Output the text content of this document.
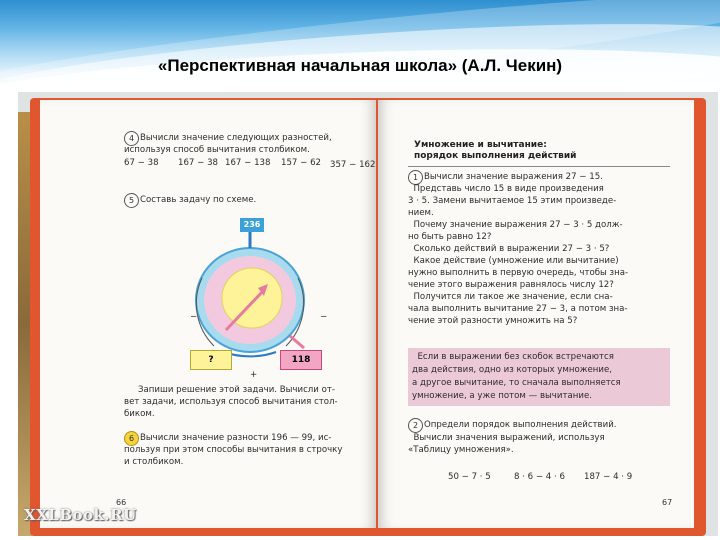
«Перспективная начальная школа» (А.Л. Чекин)
4 Вычисли значение следующих разностей,
используя способ вычитания столбиком.
67 − 38 167 − 38 167 − 138 157 − 62 357 − 162
5 Составь задачу по схеме.
236
?	118
−	−
+
Запиши решение этой задачи. Вычисли от-
вет задачи, используя способ вычитания стол-
биком.
6 Вычисли значение разности 196 — 99, ис-
пользуя при этом способы вычитания в строчку
и столбиком.
66
Умножение и вычитание:
порядок выполнения действий
1 Вычисли значение выражения 27 − 15.
Представь число 15 в виде произведения
3 · 5. Замени вычитаемое 15 этим произведе-
нием.
Почему значение выражения 27 − 3 · 5 долж-
но быть равно 12?
Сколько действий в выражении 27 − 3 · 5?
Какое действие (умножение или вычитание)
нужно выполнить в первую очередь, чтобы зна-
чение этого выражения равнялось числу 12?
Получится ли такое же значение, если сна-
чала выполнить вычитание 27 − 3, а потом зна-
чение этой разности умножить на 5?
Если в выражении без скобок встречаются
два действия, одно из которых умножение,
а другое вычитание, то сначала выполняется
умножение, а уже потом — вычитание.
2 Определи порядок выполнения действий.
Вычисли значения выражений, используя
«Таблицу умножения».
50 − 7 · 5	8 · 6 − 4 · 6 187 − 4 · 9
67
XXLBook.RU
